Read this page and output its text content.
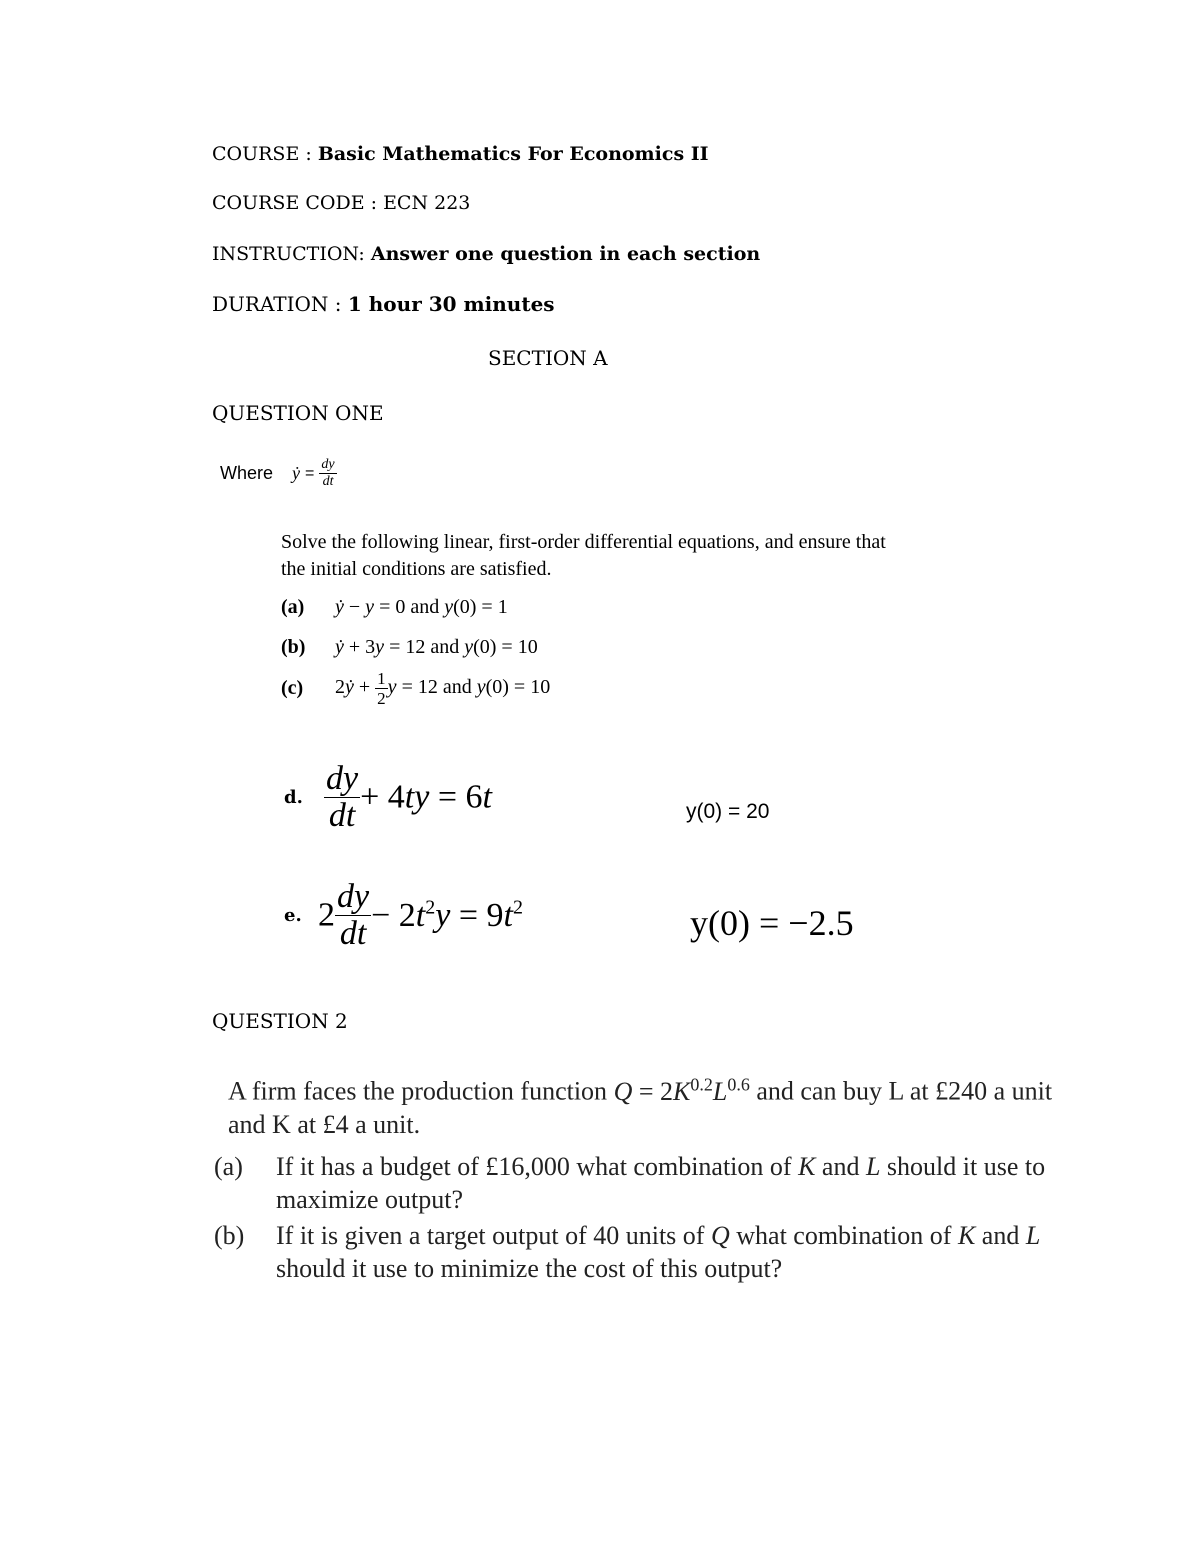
COURSE : Basic Mathematics For Economics II
COURSE CODE : ECN 223
INSTRUCTION: Answer one question in each section
DURATION : 1 hour 30 minutes
SECTION A
QUESTION ONE
Where ẏ = $\frac{dy}{dt}$
Solve the following linear, first-order differential equations, and ensure that
the initial conditions are satisfied.
(a) ẏ − y = 0 and y(0) = 1
(b) ẏ + 3y = 12 and y(0) = 10
(c) 2ẏ + $\frac{1}{2}$ y = 12 and y(0) = 10
d. $\frac{dy}{dt} + 4ty = 6t$	y(0) = 20
e. $2 \frac{dy}{dt} - 2t^2y = 9t^2$	y(0) = −2.5
QUESTION 2
A firm faces the production function $Q = 2K^{0.2}L^{0.6}$ and can buy L at £240 a unit
and K at £4 a unit.
(a) If it has a budget of £16,000 what combination of K and L should it use to
maximize output?
(b) If it is given a target output of 40 units of Q what combination of K and L
should it use to minimize the cost of this output?
